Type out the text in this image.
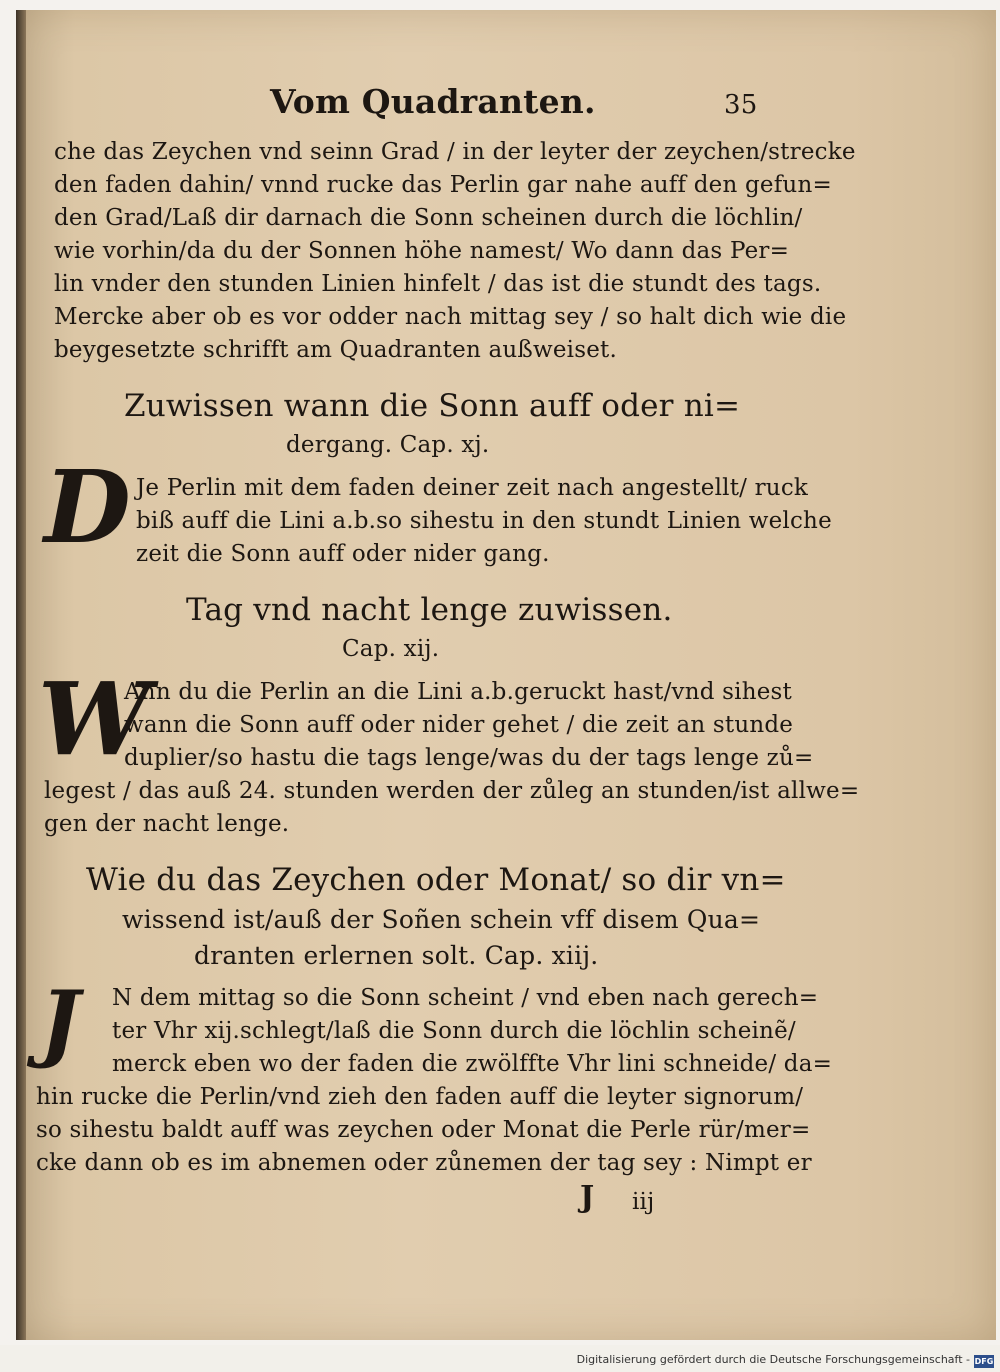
Vom Quadranten.	35
che das Zeychen vnd seinn Grad / in der leyter der zeychen/strecke
den faden dahin/ vnnd rucke das Perlin gar nahe auff den gefun=
den Grad/Laß dir darnach die Sonn scheinen durch die löchlin/
wie vorhin/da du der Sonnen höhe namest/ Wo dann das Per=
lin vnder den stunden Linien hinfelt / das ist die stundt des tags.
Mercke aber ob es vor odder nach mittag sey / so halt dich wie die
beygesetzte schrifft am Quadranten außweiset.
Zuwissen wann die Sonn auff oder ni=
dergang. Cap. xj.
D Je Perlin mit dem faden deiner zeit nach angestellt/ ruck
biß auff die Lini a.b.so sihestu in den stundt Linien welche
zeit die Sonn auff oder nider gang.
Tag vnd nacht lenge zuwissen.
Cap. xij.
W
Ann du die Perlin an die Lini a.b.geruckt hast/vnd sihest
wann die Sonn auff oder nider gehet / die zeit an stunde
duplier/so hastu die tags lenge/was du der tags lenge zů=
legest / das auß 24. stunden werden der zůleg an stunden/ist allwe=
gen der nacht lenge.
Wie du das Zeychen oder Monat/ so dir vn=
wissend ist/auß der Soñen schein vff disem Qua=
dranten erlernen solt. Cap. xiij.
J N dem mittag so die Sonn scheint / vnd eben nach gerech=
ter Vhr xij.schlegt/laß die Sonn durch die löchlin scheinẽ/
merck eben wo der faden die zwölffte Vhr lini schneide/ da=
hin rucke die Perlin/vnd zieh den faden auff die leyter signorum/
so sihestu baldt auff was zeychen oder Monat die Perle rür/mer=
cke dann ob es im abnemen oder zůnemen der tag sey : Nimpt er
J iij
Digitalisierung gefördert durch die Deutsche Forschungsgemeinschaft - DFG
